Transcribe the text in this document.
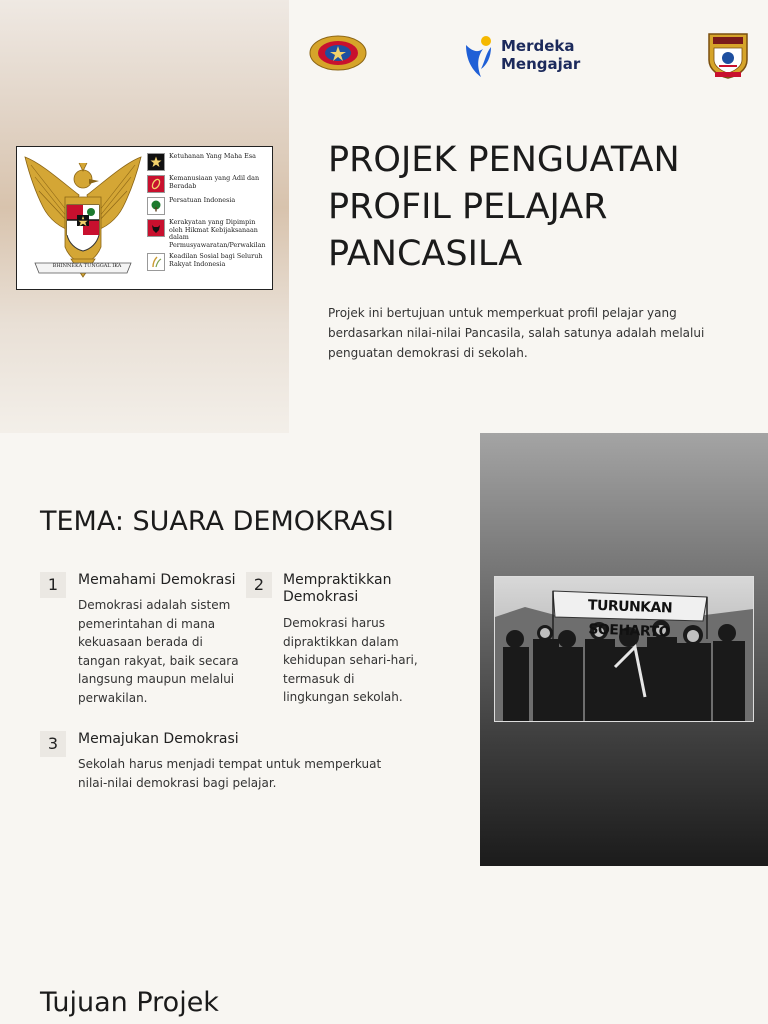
BHINNEKA TUNGGAL IKA
Ketuhanan Yang Maha Esa
Kemanusiaan yang Adil dan Beradab
Persatuan Indonesia
Kerakyatan yang Dipimpin oleh Hikmat Kebijaksanaan dalam Permusyawaratan/Perwakilan
Keadilan Sosial bagi Seluruh Rakyat Indonesia
Merdeka
Mengajar
PROJEK PENGUATAN
PROFIL PELAJAR
PANCASILA

Projek ini bertujuan untuk memperkuat profil pelajar yang berdasarkan nilai-nilai Pancasila, salah satunya adalah melalui penguatan demokrasi di sekolah.

TURUNKAN SOEHARTO
TEMA: SUARA DEMOKRASI
1	Memahami Demokrasi

Demokrasi adalah sistem pemerintahan di mana kekuasaan berada di tangan rakyat, baik secara langsung maupun melalui perwakilan.

2	Mempraktikkan Demokrasi

Demokrasi harus dipraktikkan dalam kehidupan sehari-hari, termasuk di lingkungan sekolah.

3	Memajukan Demokrasi

Sekolah harus menjadi tempat untuk memperkuat nilai-nilai demokrasi bagi pelajar.

Tujuan Projek
